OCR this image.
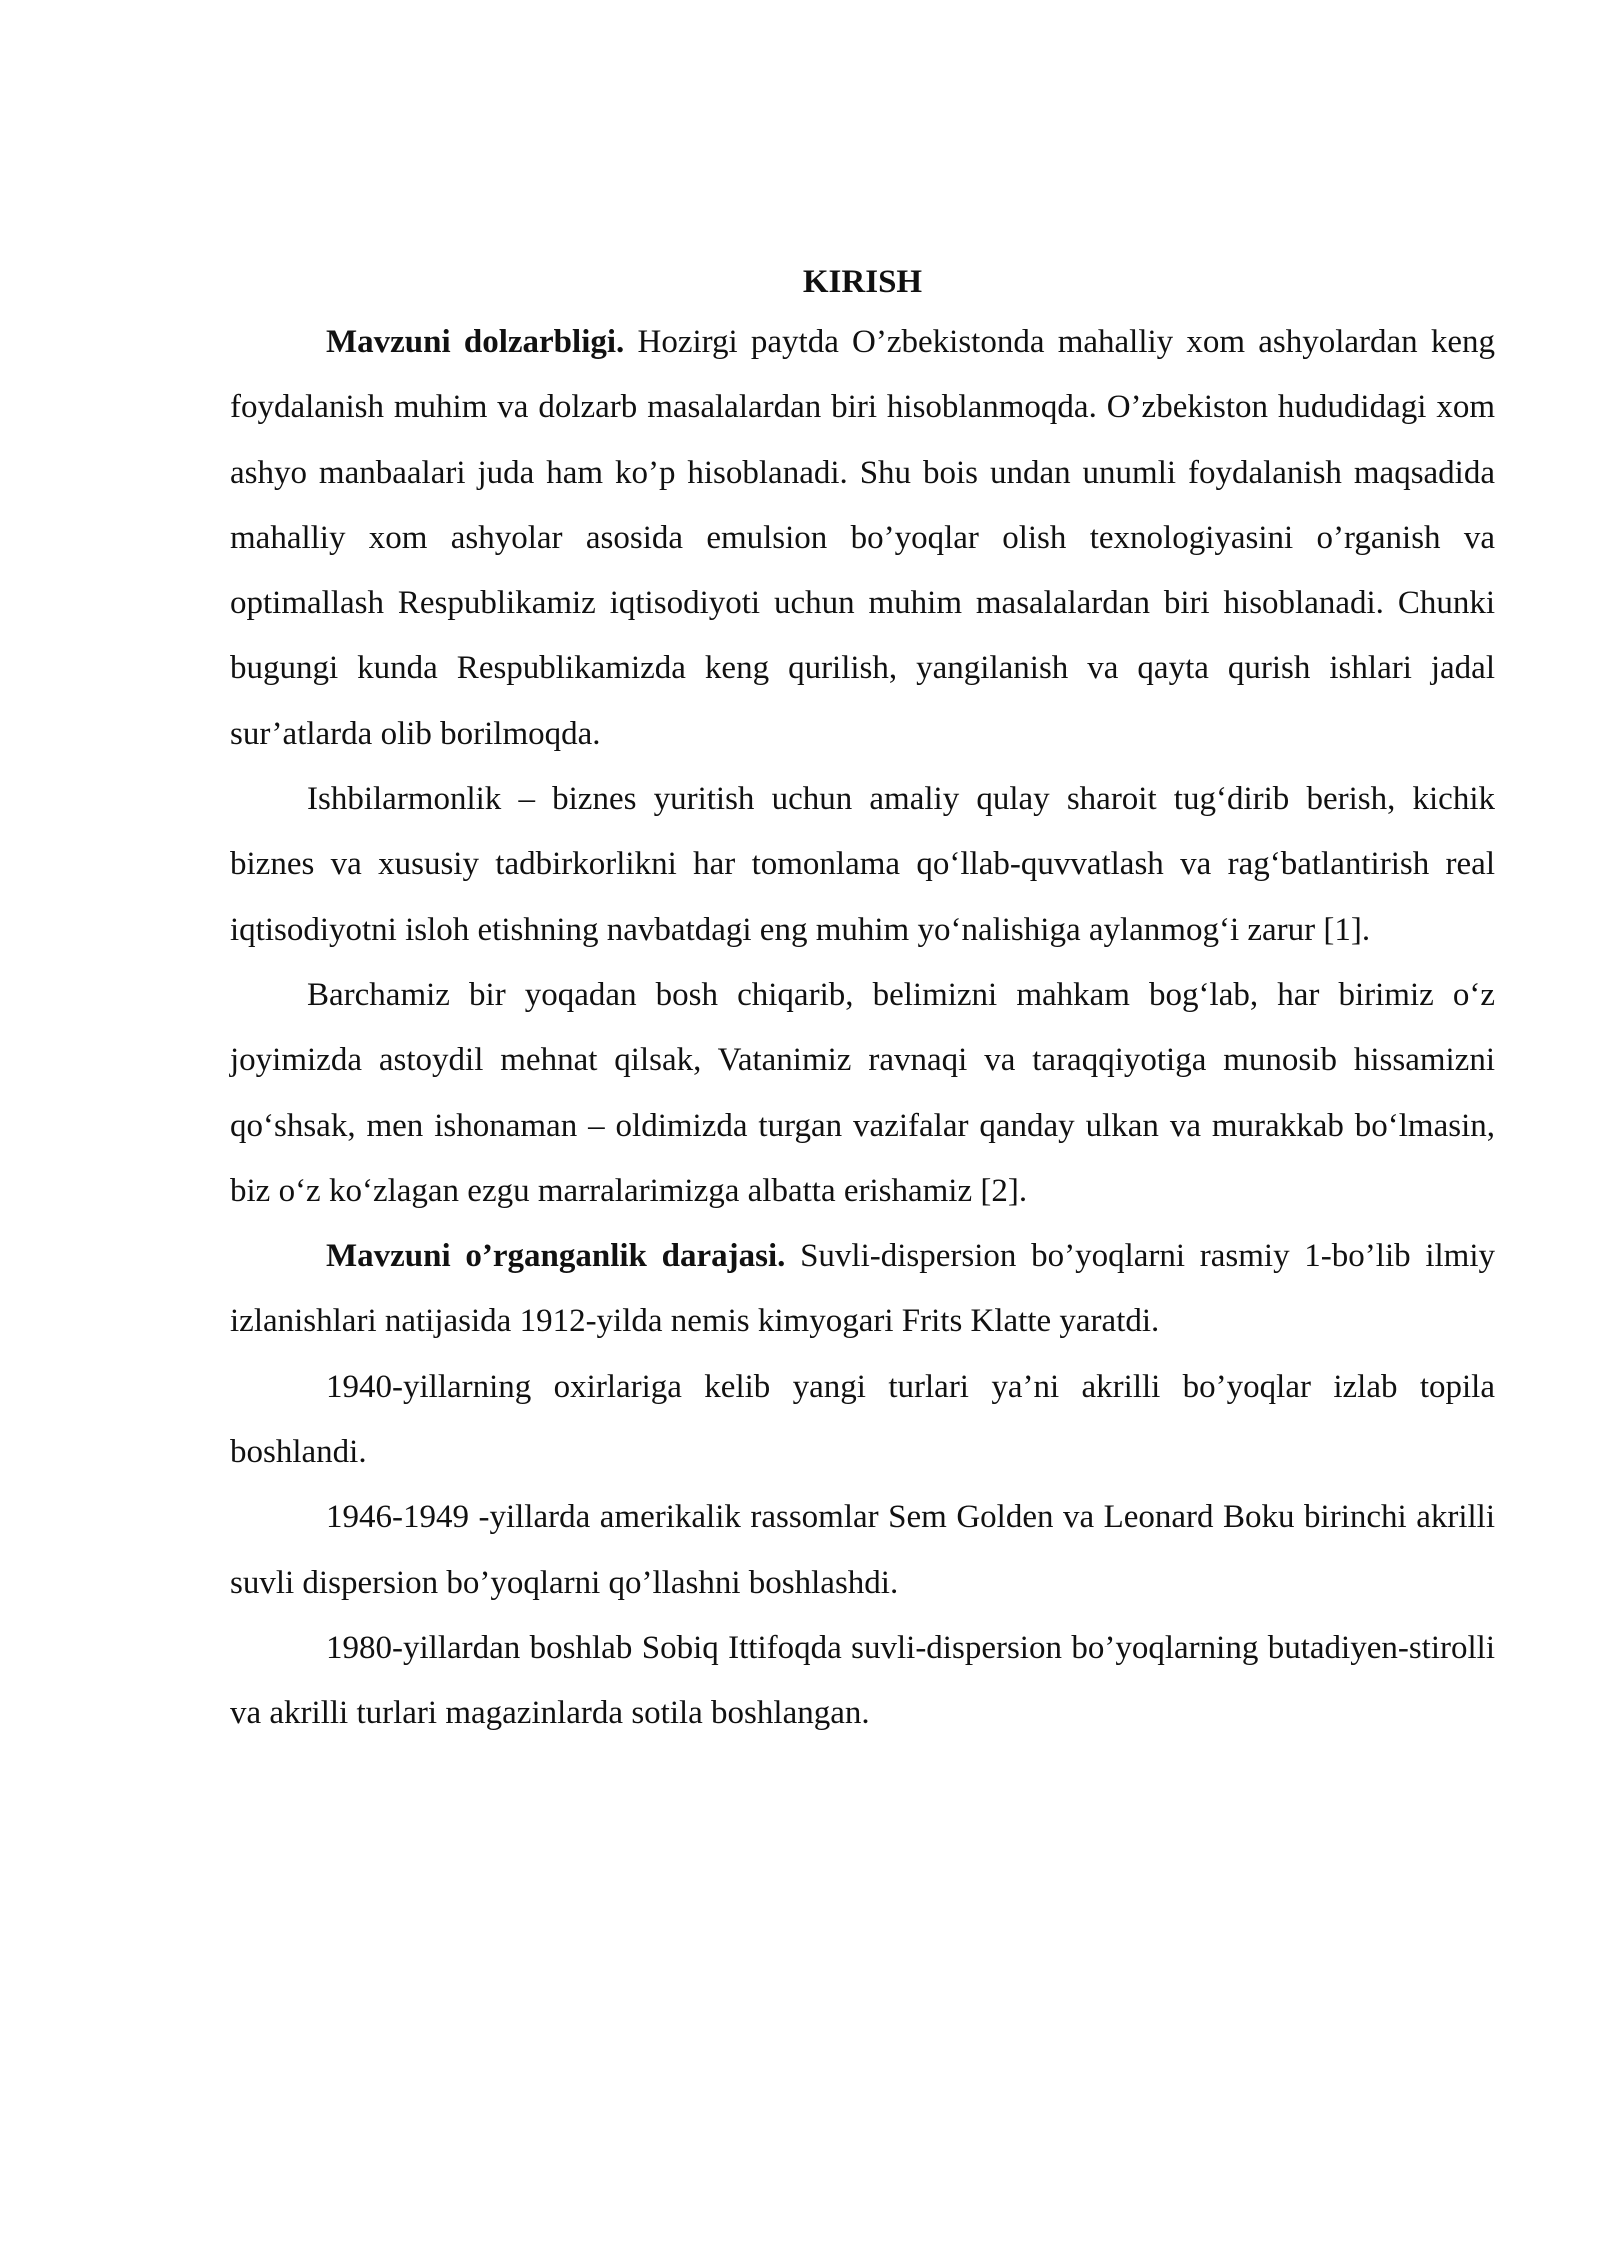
KIRISH

Mavzuni dolzarbligi. Hozirgi paytda O’zbekistonda mahalliy xom ashyolardan keng foydalanish muhim va dolzarb masalalardan biri hisoblanmoqda. O’zbekiston hududidagi xom ashyo manbaalari juda ham ko’p hisoblanadi. Shu bois undan unumli foydalanish maqsadida mahalliy xom ashyolar asosida emulsion bo’yoqlar olish texnologiyasini o’rganish va optimallash Respublikamiz iqtisodiyoti uchun muhim masalalardan biri hisoblanadi. Chunki bugungi kunda Respublikamizda keng qurilish, yangilanish va qayta qurish ishlari jadal sur’atlarda olib borilmoqda.

Ishbilarmonlik – biznes yuritish uchun amaliy qulay sharoit tug‘dirib berish, kichik biznes va xususiy tadbirkorlikni har tomonlama qo‘llab-quvvatlash va rag‘batlantirish real iqtisodiyotni isloh etishning navbatdagi eng muhim yo‘nalishiga aylanmog‘i zarur [1].

Barchamiz bir yoqadan bosh chiqarib, belimizni mahkam bog‘lab, har birimiz o‘z joyimizda astoydil mehnat qilsak, Vatanimiz ravnaqi va taraqqiyotiga munosib hissamizni qo‘shsak, men ishonaman – oldimizda turgan vazifalar qanday ulkan va murakkab bo‘lmasin, biz o‘z ko‘zlagan ezgu marralarimizga albatta erishamiz [2].

Mavzuni o’rganganlik darajasi. Suvli-dispersion bo’yoqlarni rasmiy 1-bo’lib ilmiy izlanishlari natijasida 1912-yilda nemis kimyogari Frits Klatte yaratdi.

1940-yillarning oxirlariga kelib yangi turlari ya’ni akrilli bo’yoqlar izlab topila boshlandi.

1946-1949 -yillarda amerikalik rassomlar Sem Golden va Leonard Boku birinchi akrilli suvli dispersion bo’yoqlarni qo’llashni boshlashdi.

1980-yillardan boshlab Sobiq Ittifoqda suvli-dispersion bo’yoqlarning butadiyen-stirolli va akrilli turlari magazinlarda sotila boshlangan.
